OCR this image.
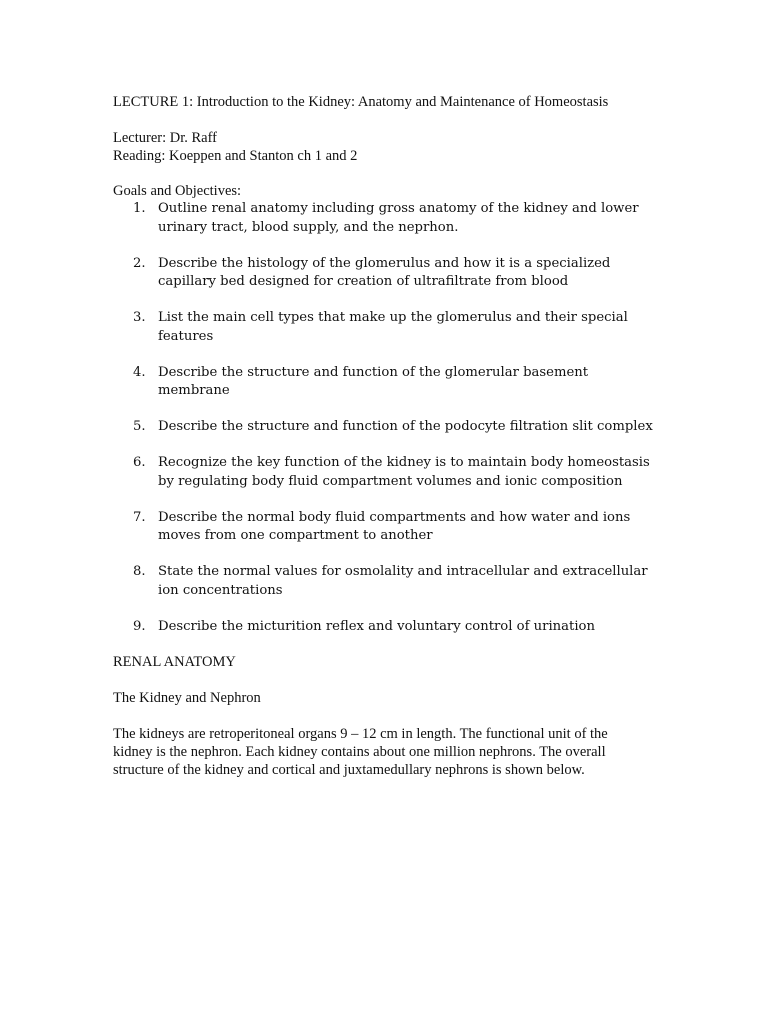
LECTURE 1: Introduction to the Kidney: Anatomy and Maintenance of Homeostasis

Lecturer: Dr. Raff

Reading: Koeppen and Stanton ch 1 and 2

Goals and Objectives:

1. Outline renal anatomy including gross anatomy of the kidney and lower urinary tract, blood supply, and the neprhon.
2. Describe the histology of the glomerulus and how it is a specialized capillary bed designed for creation of ultrafiltrate from blood
3. List the main cell types that make up the glomerulus and their special features
4. Describe the structure and function of the glomerular basement membrane
5. Describe the structure and function of the podocyte filtration slit complex
6. Recognize the key function of the kidney is to maintain body homeostasis by regulating body fluid compartment volumes and ionic composition
7. Describe the normal body fluid compartments and how water and ions moves from one compartment to another
8. State the normal values for osmolality and intracellular and extracellular ion concentrations
9. Describe the micturition reflex and voluntary control of urination

RENAL ANATOMY

The Kidney and Nephron

The kidneys are retroperitoneal organs 9 – 12 cm in length. The functional unit of the kidney is the nephron. Each kidney contains about one million nephrons. The overall structure of the kidney and cortical and juxtamedullary nephrons is shown below.
